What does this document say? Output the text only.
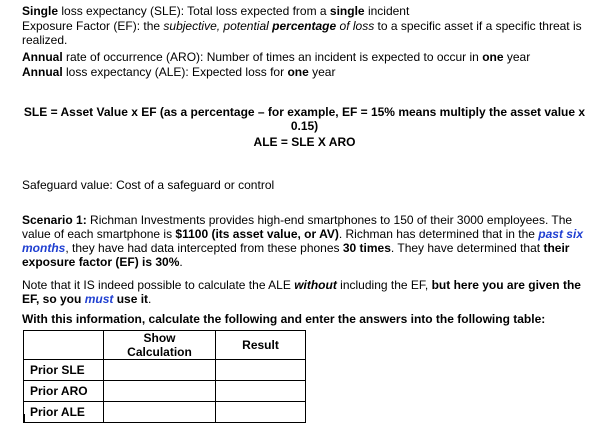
Single loss expectancy (SLE): Total loss expected from a single incident

Exposure Factor (EF): the subjective, potential percentage of loss to a specific asset if a specific threat is realized.

Annual rate of occurrence (ARO): Number of times an incident is expected to occur in one year

Annual loss expectancy (ALE): Expected loss for one year

SLE = Asset Value x EF (as a percentage – for example, EF = 15% means multiply the asset value x 0.15)

ALE = SLE X ARO

Safeguard value: Cost of a safeguard or control

Scenario 1: Richman Investments provides high-end smartphones to 150 of their 3000 employees. The value of each smartphone is $1100 (its asset value, or AV). Richman has determined that in the past six months, they have had data intercepted from these phones 30 times. They have determined that their exposure factor (EF) is 30%.

Note that it IS indeed possible to calculate the ALE without including the EF, but here you are given the EF, so you must use it.

With this information, calculate the following and enter the answers into the following table:

	Show Calculation	Result
Prior SLE		
Prior ARO		
Prior ALE		
